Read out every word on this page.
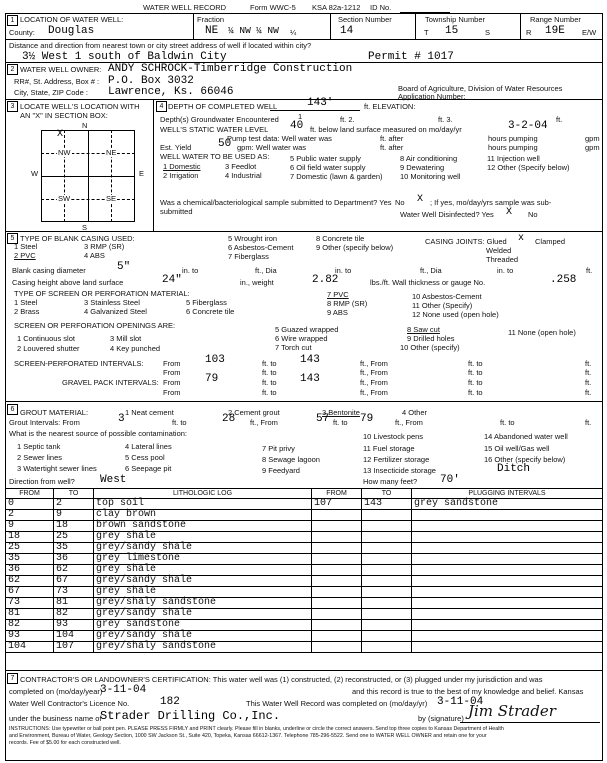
WATER WELL RECORD	Form WWC-5 KSA 82a-1212 ID No.
1 LOCATION OF WATER WELL:	Fraction	Section Number	Township Number	Range Number
County: Douglas	NE ¼ NW ¼ NW ¼	14	T 15	S	R 19E E/W
Distance and direction from nearest town or city street address of well if located within city?
3½ West 1 south of Baldwin City	Permit # 1017
2 WATER WELL OWNER: ANDY SCHROCK-Timberridge Construction
RR#, St. Address, Box # : P.O. Box 3032
City, State, ZIP Code : Lawrence, Ks. 66046	Board of Agriculture, Division of Water Resources
Application Number:
3 LOCATE WELL'S LOCATION WITH
AN "X" IN SECTION BOX:
N
S
W	E
NW	NE
SW	SE
X
4 DEPTH OF COMPLETED WELL	143'	ft. ELEVATION:
Depth(s) Groundwater Encountered	1	ft. 2.	ft. 3.	ft.
WELL'S STATIC WATER LEVEL 40 ft. below land surface measured on mo/day/yr	3-2-04
Pump test data: Well water was	ft. after	hours pumping	gpm
Est. Yield 50 gpm: Well water was	ft. after	hours pumping	gpm
WELL WATER TO BE USED AS:
1 Domestic	3 Feedlot
5 Public water supply	8 Air conditioning	11 Injection well
2 Irrigation	4 Industrial
6 Oil field water supply	9 Dewatering	12 Other (Specify below)
7 Domestic (lawn & garden) 10 Monitoring well
Was a chemical/bacteriological sample submitted to Department? Yes No X ; If yes, mo/day/yrs sample was sub-
submitted	Water Well Disinfected? Yes X No
5 TYPE OF BLANK CASING USED:
1 Steel	3 RMP (SR)
5 Wrought iron	8 Concrete tile
2 PVC	4 ABS
6 Asbestos-Cement	9 Other (specify below)
7 Fiberglass
CASING JOINTS: Glued x Clamped
Welded
Threaded
Blank casing diameter	5"	in. to	ft., Dia	in. to	ft., Dia	in. to	ft.
Casing height above land surface	24"	in., weight	2.82	lbs./ft. Wall thickness or gauge No.	.258
TYPE OF SCREEN OR PERFORATION MATERIAL:
1 Steel	3 Stainless Steel	5 Fiberglass
7 PVC	10 Asbestos-Cement
2 Brass	4 Galvanized Steel	6 Concrete tile
8 RMP (SR)	11 Other (Specify)
9 ABS	12 None used (open hole)
SCREEN OR PERFORATION OPENINGS ARE:	5 Guazed wrapped	8 Saw cut	11 None (open hole)
1 Continuous slot	3 Mill slot	6 Wire wrapped	9 Drilled holes
2 Louvered shutter	4 Key punched	7 Torch cut	10 Other (specify)
SCREEN-PERFORATED INTERVALS:	From 103	ft. to 143	ft., From	ft. to	ft.
From	ft. to	ft., From	ft. to	ft.
GRAVEL PACK INTERVALS: From 79	ft. to 143	ft., From	ft. to	ft.
From	ft. to	ft., From	ft. to	ft.
6 GROUT MATERIAL:	1 Neat cement	2 Cement grout	3 Bentonite	4 Other
Grout Intervals: From	3	ft. to	28 ft., From	57 ft. to 79	ft., From	ft. to	ft.
What is the nearest source of possible contamination:	10 Livestock pens	14 Abandoned water well
1 Septic tank	4 Lateral lines	7 Pit privy	11 Fuel storage	15 Oil well/Gas well
2 Sewer lines	5 Cess pool	8 Sewage lagoon	12 Fertilizer storage	16 Other (specify below)
3 Watertight sewer lines	6 Seepage pit	9 Feedyard	13 Insecticide storage	Ditch
Direction from well? West	How many feet? 70'
FROM	TO	LITHOLOGIC LOG	FROM	TO	PLUGGING INTERVALS
0	2	top soil	107	143	grey sandstone
2	9	clay brown			
9	18	brown sandstone			
18	25	grey shale			
25	35	grey/sandy shale			
35	36	grey limestone			
36	62	grey shale			
62	67	grey/sandy shale			
67	73	grey shale			
73	81	grey/shaly sandstone			
81	82	grey/sandy shale			
82	93	grey sandstone			
93	104	grey/sandy shale			
104	107	grey/shaly sandstone			
7 CONTRACTOR'S OR LANDOWNER'S CERTIFICATION: This water well was (1) constructed, (2) reconstructed, or (3) plugged under my jurisdiction and was
completed on (mo/day/year)
3-11-04	and this record is true to the best of my knowledge and belief. Kansas
Water Well Contractor's Licence No.	182	This Water Well Record was completed on (mo/day/yr) 3-11-04
under the business name of
Strader Drilling Co.,Inc.	by (signature) Jim Strader
INSTRUCTIONS: Use typewriter or ball point pen. PLEASE PRESS FIRMLY and PRINT clearly. Please fill in blanks, underline or circle the correct answers. Send top three copies to Kansas Department of Health
and Environment, Bureau of Water, Geology Section, 1000 SW Jackson St., Suite 420, Topeka, Kansas 66612-1367. Telephone 785-296-5522. Send one to WATER WELL OWNER and retain one for your
records. Fee of $5.00 for each constructed well.
